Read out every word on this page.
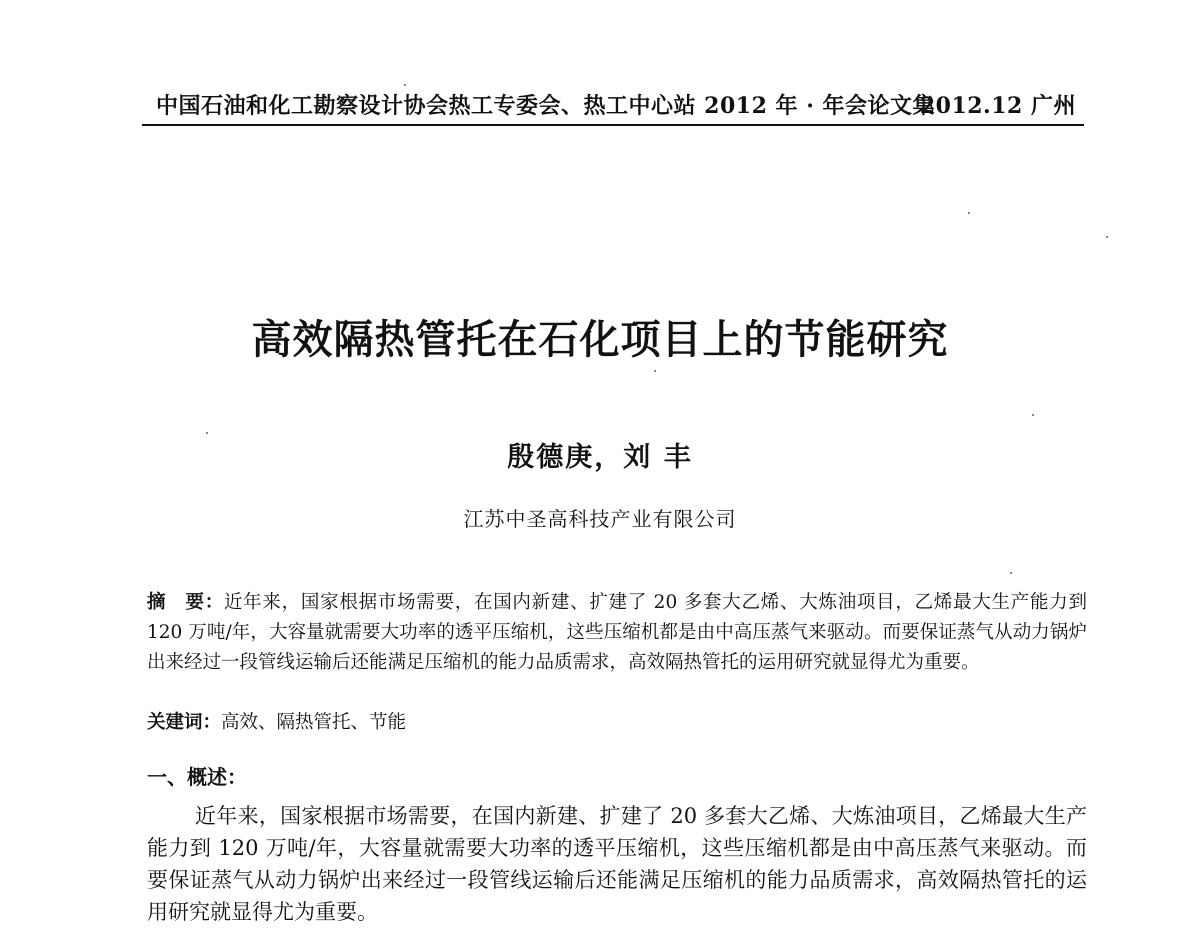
中国石油和化工勘察设计协会热工专委会、热工中心站 2012 年 · 年会论文集
2012.12 广州
高效隔热管托在石化项目上的节能研究
殷德庚，刘 丰
江苏中圣高科技产业有限公司
摘　要：近年来，国家根据市场需要，在国内新建、扩建了 20 多套大乙烯、大炼油项目，乙烯最大生产能力到 120 万吨/年，大容量就需要大功率的透平压缩机，这些压缩机都是由中高压蒸气来驱动。而要保证蒸气从动力锅炉出来经过一段管线运输后还能满足压缩机的能力品质需求，高效隔热管托的运用研究就显得尤为重要。
关建词：高效、隔热管托、节能
一、概述：
近年来，国家根据市场需要，在国内新建、扩建了 20 多套大乙烯、大炼油项目，乙烯最大生产能力到 120 万吨/年，大容量就需要大功率的透平压缩机，这些压缩机都是由中高压蒸气来驱动。而要保证蒸气从动力锅炉出来经过一段管线运输后还能满足压缩机的能力品质需求，高效隔热管托的运用研究就显得尤为重要。
